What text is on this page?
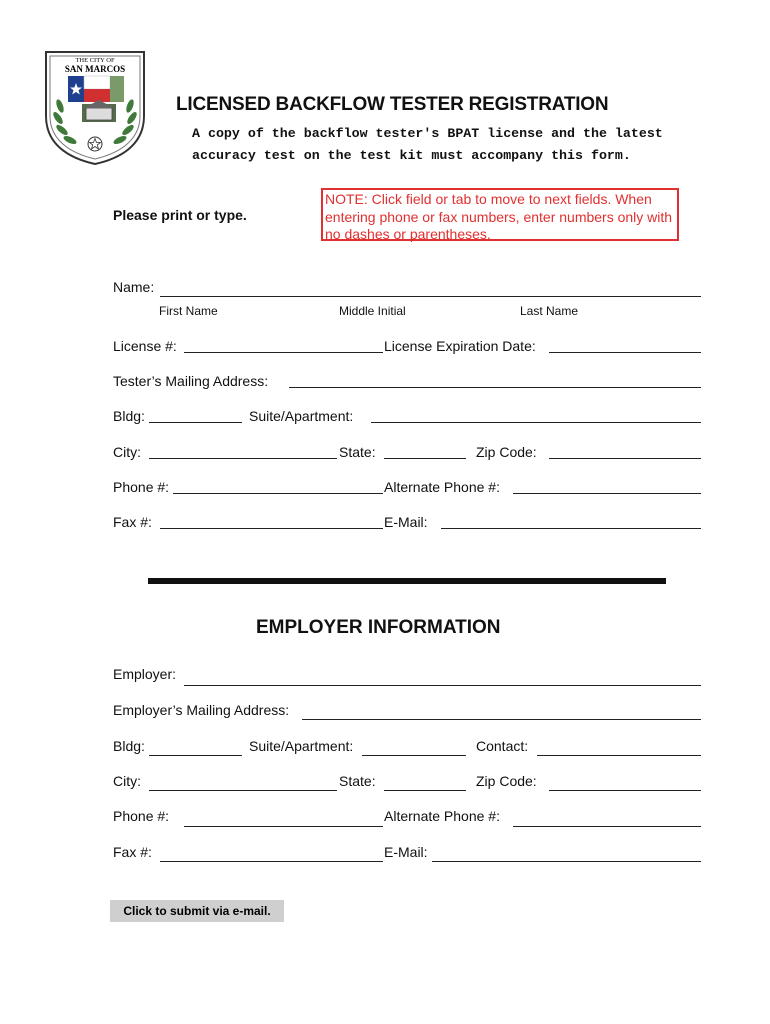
THE CITY OF
SAN MARCOS
LICENSED BACKFLOW TESTER REGISTRATION
A copy of the backflow tester's BPAT license and the latest
accuracy test on the test kit must accompany this form.
Please print or type.
NOTE: Click field or tab to move to next fields. When entering phone or fax numbers, enter numbers only with no dashes or parentheses.
Name:
First Name	Middle Initial	Last Name
License #:	License Expiration Date:
Tester’s Mailing Address:
Bldg:	Suite/Apartment:
City:	State:	Zip Code:
Phone #:	Alternate Phone #:
Fax #:	E-Mail:
EMPLOYER INFORMATION
Employer:
Employer’s Mailing Address:
Bldg:	Suite/Apartment:	Contact:
City:	State:	Zip Code:
Phone #:	Alternate Phone #:
Fax #:	E-Mail:
Click to submit via e-mail.
